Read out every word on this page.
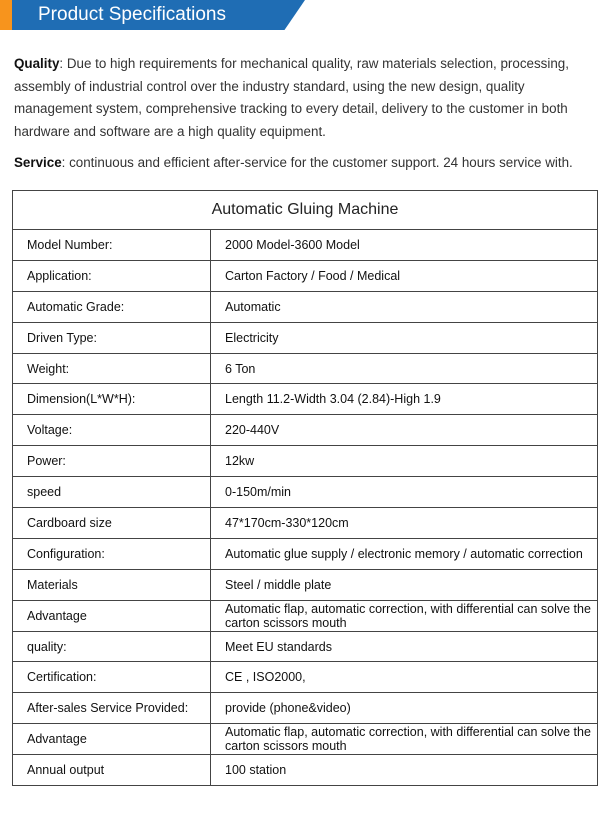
Product Specifications
Quality: Due to high requirements for mechanical quality, raw materials selection, processing, assembly of industrial control over the industry standard, using the new design, quality management system, comprehensive tracking to every detail, delivery to the customer in both hardware and software are a high quality equipment.
Service: continuous and efficient after-service for the customer support. 24 hours service with.
Automatic Gluing Machine	
Model Number:	2000 Model-3600 Model
Application:	Carton Factory / Food / Medical
Automatic Grade:	Automatic
Driven Type:	Electricity
Weight:	6 Ton
Dimension(L*W*H):	Length 11.2-Width 3.04 (2.84)-High 1.9
Voltage:	220-440V
Power:	12kw
speed	0-150m/min
Cardboard size	47*170cm-330*120cm
Configuration:	Automatic glue supply / electronic memory / automatic correction
Materials	Steel / middle plate
Advantage	Automatic flap, automatic correction, with differential can solve the carton scissors mouth
quality:	Meet EU standards
Certification:	CE , ISO2000,
After-sales Service Provided:	provide (phone&video)
Advantage	Automatic flap, automatic correction, with differential can solve the carton scissors mouth
Annual output	100 station
